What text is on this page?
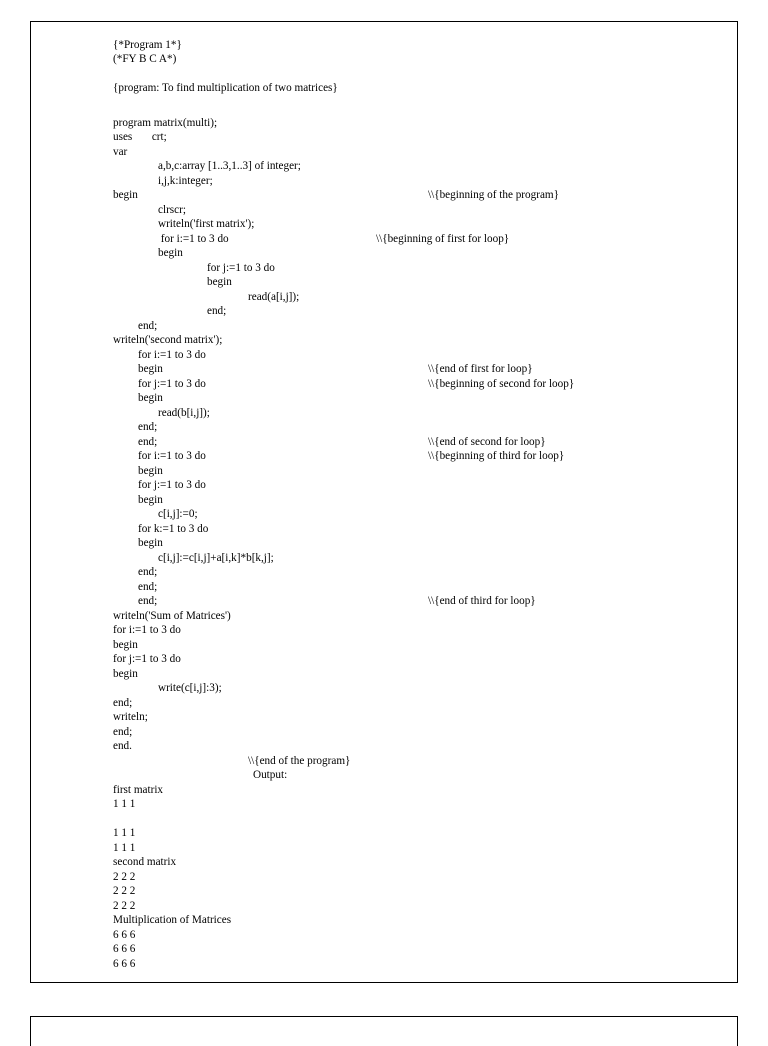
{*Program 1*}
(*FY B C A*)
{program: To find multiplication of two matrices}
program matrix(multi);
uses       crt;
var
a,b,c:array [1..3,1..3] of integer;
i,j,k:integer;
begin
clrscr;
writeln('first matrix');
for i:=1 to 3 do
begin
for j:=1 to 3 do
begin
read(a[i,j]);
end;
end;
writeln('second matrix');
for i:=1 to 3 do
begin
for j:=1 to 3 do
begin
read(b[i,j]);
end;
end;
for i:=1 to 3 do
begin
for j:=1 to 3 do
begin
c[i,j]:=0;
for k:=1 to 3 do
begin
c[i,j]:=c[i,j]+a[i,k]*b[k,j];
end;
end;
end;
writeln('Sum of Matrices')
for i:=1 to 3 do
begin
for j:=1 to 3 do
begin
write(c[i,j]:3);
end;
writeln;
end;
end.
\\{beginning of the program}
\\{beginning of first for loop}
\\{end of first for loop}
\\{beginning of second for loop}
\\{end of second for loop}
\\{beginning of third for loop}
\\{end of third for loop}
\\{end of the program}
Output:
first matrix
1 1 1
1 1 1
1 1 1
second matrix
2 2 2
2 2 2
2 2 2
Multiplication of Matrices
6 6 6
6 6 6
6 6 6
